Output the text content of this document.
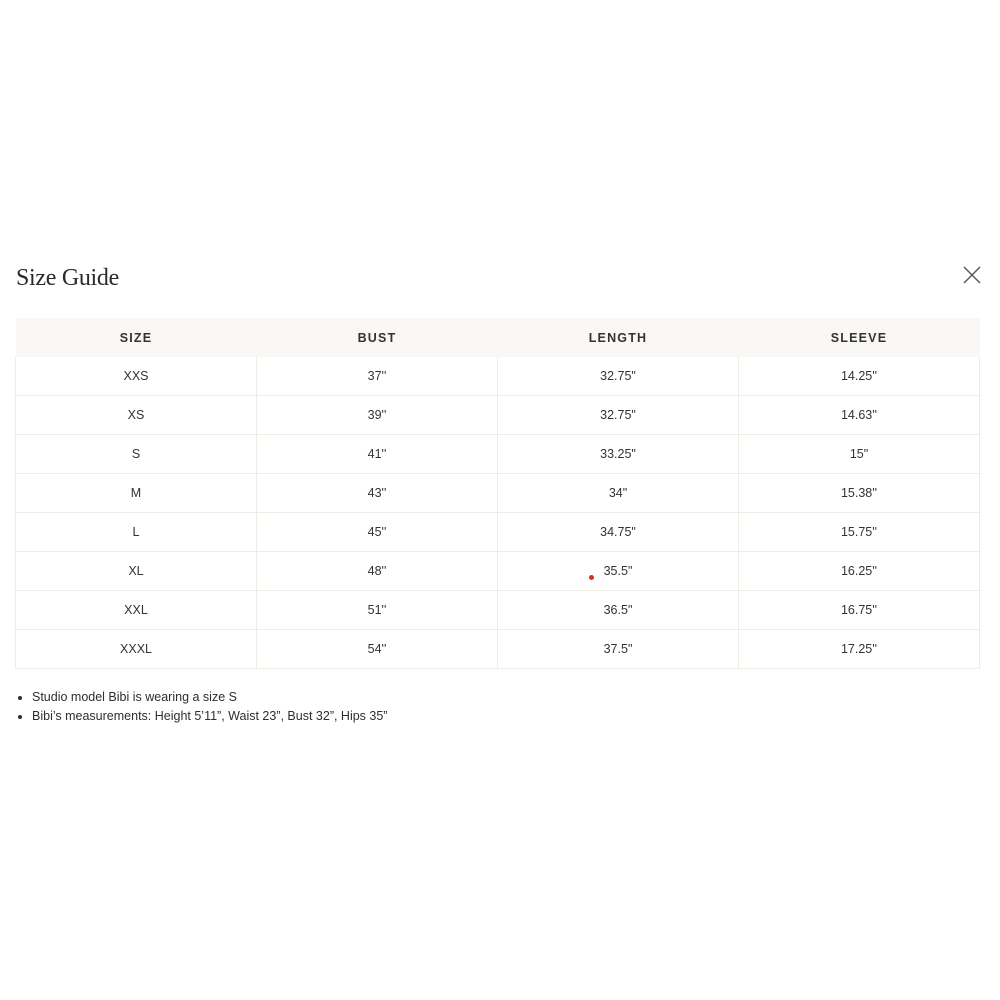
Size Guide
SIZE	BUST	LENGTH	SLEEVE
XXS	37''	32.75"	14.25''
XS	39''	32.75"	14.63''
S	41''	33.25"	15"
M	43''	34"	15.38''
L	45''	34.75"	15.75''
XL	48''	35.5"	16.25''
XXL	51''	36.5"	16.75''
XXXL	54''	37.5"	17.25''
Studio model Bibi is wearing a size S
Bibi’s measurements: Height 5’11”, Waist 23”, Bust 32”, Hips 35”
